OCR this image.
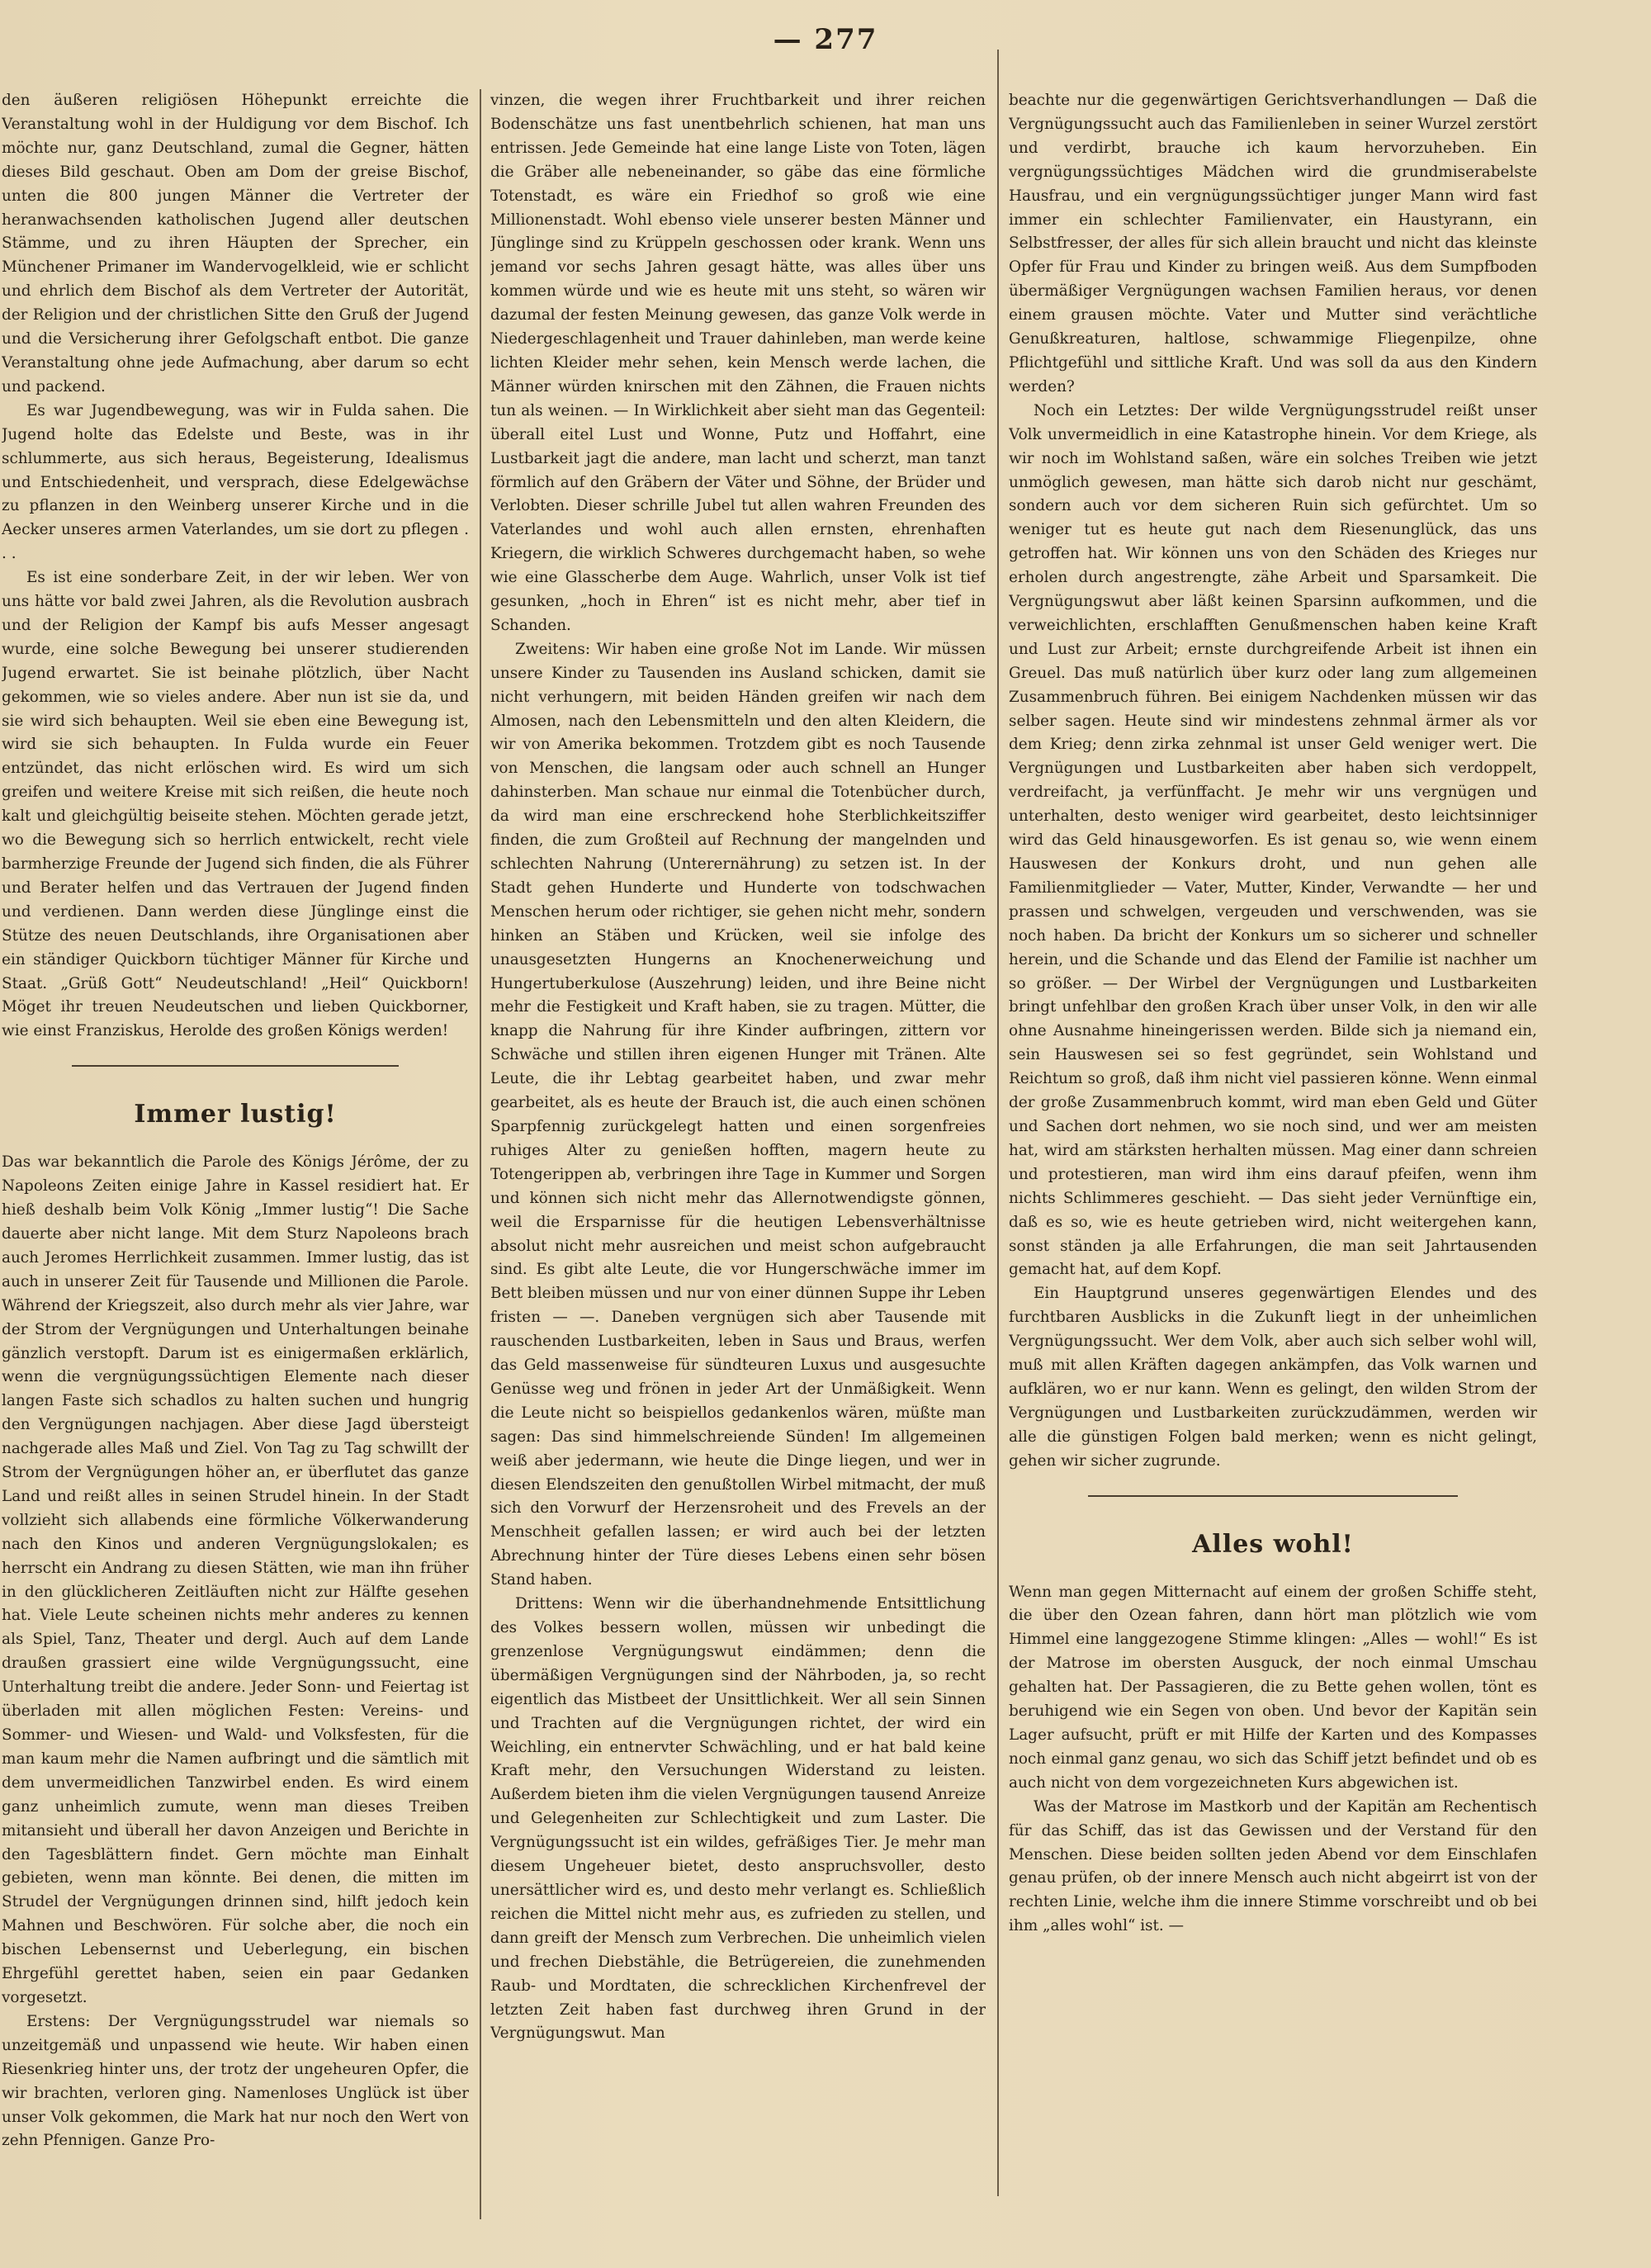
— 277

den äußeren religiösen Höhepunkt erreichte die Veranstaltung wohl in der Huldigung vor dem Bischof. Ich möchte nur, ganz Deutschland, zumal die Gegner, hätten dieses Bild geschaut. Oben am Dom der greise Bischof, unten die 800 jungen Männer die Vertreter der heranwachsenden katholischen Jugend aller deutschen Stämme, und zu ihren Häupten der Sprecher, ein Münchener Primaner im Wandervogelkleid, wie er schlicht und ehrlich dem Bischof als dem Vertreter der Autorität, der Religion und der christlichen Sitte den Gruß der Jugend und die Versicherung ihrer Gefolgschaft entbot. Die ganze Veranstaltung ohne jede Aufmachung, aber darum so echt und packend.

Es war Jugendbewegung, was wir in Fulda sahen. Die Jugend holte das Edelste und Beste, was in ihr schlummerte, aus sich heraus, Begeisterung, Idealismus und Entschiedenheit, und versprach, diese Edelgewächse zu pflanzen in den Weinberg unserer Kirche und in die Aecker unseres armen Vaterlandes, um sie dort zu pflegen . . .

Es ist eine sonderbare Zeit, in der wir leben. Wer von uns hätte vor bald zwei Jahren, als die Revolution ausbrach und der Religion der Kampf bis aufs Messer angesagt wurde, eine solche Bewegung bei unserer studierenden Jugend erwartet. Sie ist beinahe plötzlich, über Nacht gekommen, wie so vieles andere. Aber nun ist sie da, und sie wird sich behaupten. Weil sie eben eine Bewegung ist, wird sie sich behaupten. In Fulda wurde ein Feuer entzündet, das nicht erlöschen wird. Es wird um sich greifen und weitere Kreise mit sich reißen, die heute noch kalt und gleichgültig beiseite stehen. Möchten gerade jetzt, wo die Bewegung sich so herrlich entwickelt, recht viele barmherzige Freunde der Jugend sich finden, die als Führer und Berater helfen und das Vertrauen der Jugend finden und verdienen. Dann werden diese Jünglinge einst die Stütze des neuen Deutschlands, ihre Organisationen aber ein ständiger Quickborn tüchtiger Männer für Kirche und Staat. „Grüß Gott“ Neudeutschland! „Heil“ Quickborn! Möget ihr treuen Neudeutschen und lieben Quickborner, wie einst Franziskus, Herolde des großen Königs werden!

Immer lustig!

Das war bekanntlich die Parole des Königs Jérôme, der zu Napoleons Zeiten einige Jahre in Kassel residiert hat. Er hieß deshalb beim Volk König „Immer lustig“! Die Sache dauerte aber nicht lange. Mit dem Sturz Napoleons brach auch Jeromes Herrlichkeit zusammen. Immer lustig, das ist auch in unserer Zeit für Tausende und Millionen die Parole. Während der Kriegszeit, also durch mehr als vier Jahre, war der Strom der Vergnügungen und Unterhaltungen beinahe gänzlich verstopft. Darum ist es einigermaßen erklärlich, wenn die vergnügungssüchtigen Elemente nach dieser langen Faste sich schadlos zu halten suchen und hungrig den Vergnügungen nachjagen. Aber diese Jagd übersteigt nachgerade alles Maß und Ziel. Von Tag zu Tag schwillt der Strom der Vergnügungen höher an, er überflutet das ganze Land und reißt alles in seinen Strudel hinein. In der Stadt vollzieht sich allabends eine förmliche Völkerwanderung nach den Kinos und anderen Vergnügungslokalen; es herrscht ein Andrang zu diesen Stätten, wie man ihn früher in den glücklicheren Zeitläuften nicht zur Hälfte gesehen hat. Viele Leute scheinen nichts mehr anderes zu kennen als Spiel, Tanz, Theater und dergl. Auch auf dem Lande draußen grassiert eine wilde Vergnügungssucht, eine Unterhaltung treibt die andere. Jeder Sonn- und Feiertag ist überladen mit allen möglichen Festen: Vereins- und Sommer- und Wiesen- und Wald- und Volksfesten, für die man kaum mehr die Namen aufbringt und die sämtlich mit dem unvermeidlichen Tanzwirbel enden. Es wird einem ganz unheimlich zumute, wenn man dieses Treiben mitansieht und überall her davon Anzeigen und Berichte in den Tagesblättern findet. Gern möchte man Einhalt gebieten, wenn man könnte. Bei denen, die mitten im Strudel der Vergnügungen drinnen sind, hilft jedoch kein Mahnen und Beschwören. Für solche aber, die noch ein bischen Lebensernst und Ueberlegung, ein bischen Ehrgefühl gerettet haben, seien ein paar Gedanken vorgesetzt.

Erstens: Der Vergnügungsstrudel war niemals so unzeitgemäß und unpassend wie heute. Wir haben einen Riesenkrieg hinter uns, der trotz der ungeheuren Opfer, die wir brachten, verloren ging. Namenloses Unglück ist über unser Volk gekommen, die Mark hat nur noch den Wert von zehn Pfennigen. Ganze Pro-

vinzen, die wegen ihrer Fruchtbarkeit und ihrer reichen Bodenschätze uns fast unentbehrlich schienen, hat man uns entrissen. Jede Gemeinde hat eine lange Liste von Toten, lägen die Gräber alle nebeneinander, so gäbe das eine förmliche Totenstadt, es wäre ein Friedhof so groß wie eine Millionenstadt. Wohl ebenso viele unserer besten Männer und Jünglinge sind zu Krüppeln geschossen oder krank. Wenn uns jemand vor sechs Jahren gesagt hätte, was alles über uns kommen würde und wie es heute mit uns steht, so wären wir dazumal der festen Meinung gewesen, das ganze Volk werde in Niedergeschlagenheit und Trauer dahinleben, man werde keine lichten Kleider mehr sehen, kein Mensch werde lachen, die Männer würden knirschen mit den Zähnen, die Frauen nichts tun als weinen. — In Wirklichkeit aber sieht man das Gegenteil: überall eitel Lust und Wonne, Putz und Hoffahrt, eine Lustbarkeit jagt die andere, man lacht und scherzt, man tanzt förmlich auf den Gräbern der Väter und Söhne, der Brüder und Verlobten. Dieser schrille Jubel tut allen wahren Freunden des Vaterlandes und wohl auch allen ernsten, ehrenhaften Kriegern, die wirklich Schweres durchgemacht haben, so wehe wie eine Glasscherbe dem Auge. Wahrlich, unser Volk ist tief gesunken, „hoch in Ehren“ ist es nicht mehr, aber tief in Schanden.

Zweitens: Wir haben eine große Not im Lande. Wir müssen unsere Kinder zu Tausenden ins Ausland schicken, damit sie nicht verhungern, mit beiden Händen greifen wir nach dem Almosen, nach den Lebensmitteln und den alten Kleidern, die wir von Amerika bekommen. Trotzdem gibt es noch Tausende von Menschen, die langsam oder auch schnell an Hunger dahinsterben. Man schaue nur einmal die Totenbücher durch, da wird man eine erschreckend hohe Sterblichkeitsziffer finden, die zum Großteil auf Rechnung der mangelnden und schlechten Nahrung (Unterernährung) zu setzen ist. In der Stadt gehen Hunderte und Hunderte von todschwachen Menschen herum oder richtiger, sie gehen nicht mehr, sondern hinken an Stäben und Krücken, weil sie infolge des unausgesetzten Hungerns an Knochenerweichung und Hungertuberkulose (Auszehrung) leiden, und ihre Beine nicht mehr die Festigkeit und Kraft haben, sie zu tragen. Mütter, die knapp die Nahrung für ihre Kinder aufbringen, zittern vor Schwäche und stillen ihren eigenen Hunger mit Tränen. Alte Leute, die ihr Lebtag gearbeitet haben, und zwar mehr gearbeitet, als es heute der Brauch ist, die auch einen schönen Sparpfennig zurückgelegt hatten und einen sorgenfreies ruhiges Alter zu genießen hofften, magern heute zu Totengerippen ab, verbringen ihre Tage in Kummer und Sorgen und können sich nicht mehr das Allernotwendigste gönnen, weil die Ersparnisse für die heutigen Lebensverhältnisse absolut nicht mehr ausreichen und meist schon aufgebraucht sind. Es gibt alte Leute, die vor Hungerschwäche immer im Bett bleiben müssen und nur von einer dünnen Suppe ihr Leben fristen — —. Daneben vergnügen sich aber Tausende mit rauschenden Lustbarkeiten, leben in Saus und Braus, werfen das Geld massenweise für sündteuren Luxus und ausgesuchte Genüsse weg und frönen in jeder Art der Unmäßigkeit. Wenn die Leute nicht so beispiellos gedankenlos wären, müßte man sagen: Das sind himmelschreiende Sünden! Im allgemeinen weiß aber jedermann, wie heute die Dinge liegen, und wer in diesen Elendszeiten den genußtollen Wirbel mitmacht, der muß sich den Vorwurf der Herzensroheit und des Frevels an der Menschheit gefallen lassen; er wird auch bei der letzten Abrechnung hinter der Türe dieses Lebens einen sehr bösen Stand haben.

Drittens: Wenn wir die überhandnehmende Entsittlichung des Volkes bessern wollen, müssen wir unbedingt die grenzenlose Vergnügungswut eindämmen; denn die übermäßigen Vergnügungen sind der Nährboden, ja, so recht eigentlich das Mistbeet der Unsittlichkeit. Wer all sein Sinnen und Trachten auf die Vergnügungen richtet, der wird ein Weichling, ein entnervter Schwächling, und er hat bald keine Kraft mehr, den Versuchungen Widerstand zu leisten. Außerdem bieten ihm die vielen Vergnügungen tausend Anreize und Gelegenheiten zur Schlechtigkeit und zum Laster. Die Vergnügungssucht ist ein wildes, gefräßiges Tier. Je mehr man diesem Ungeheuer bietet, desto anspruchsvoller, desto unersättlicher wird es, und desto mehr verlangt es. Schließlich reichen die Mittel nicht mehr aus, es zufrieden zu stellen, und dann greift der Mensch zum Verbrechen. Die unheimlich vielen und frechen Diebstähle, die Betrügereien, die zunehmenden Raub- und Mordtaten, die schrecklichen Kirchenfrevel der letzten Zeit haben fast durchweg ihren Grund in der Vergnügungswut. Man

beachte nur die gegenwärtigen Gerichtsverhandlungen — Daß die Vergnügungssucht auch das Familienleben in seiner Wurzel zerstört und verdirbt, brauche ich kaum hervorzuheben. Ein vergnügungssüchtiges Mädchen wird die grundmiserabelste Hausfrau, und ein vergnügungssüchtiger junger Mann wird fast immer ein schlechter Familienvater, ein Haustyrann, ein Selbstfresser, der alles für sich allein braucht und nicht das kleinste Opfer für Frau und Kinder zu bringen weiß. Aus dem Sumpfboden übermäßiger Vergnügungen wachsen Familien heraus, vor denen einem grausen möchte. Vater und Mutter sind verächtliche Genußkreaturen, haltlose, schwammige Fliegenpilze, ohne Pflichtgefühl und sittliche Kraft. Und was soll da aus den Kindern werden?

Noch ein Letztes: Der wilde Vergnügungsstrudel reißt unser Volk unvermeidlich in eine Katastrophe hinein. Vor dem Kriege, als wir noch im Wohlstand saßen, wäre ein solches Treiben wie jetzt unmöglich gewesen, man hätte sich darob nicht nur geschämt, sondern auch vor dem sicheren Ruin sich gefürchtet. Um so weniger tut es heute gut nach dem Riesenunglück, das uns getroffen hat. Wir können uns von den Schäden des Krieges nur erholen durch angestrengte, zähe Arbeit und Sparsamkeit. Die Vergnügungswut aber läßt keinen Sparsinn aufkommen, und die verweichlichten, erschlafften Genußmenschen haben keine Kraft und Lust zur Arbeit; ernste durchgreifende Arbeit ist ihnen ein Greuel. Das muß natürlich über kurz oder lang zum allgemeinen Zusammenbruch führen. Bei einigem Nachdenken müssen wir das selber sagen. Heute sind wir mindestens zehnmal ärmer als vor dem Krieg; denn zirka zehnmal ist unser Geld weniger wert. Die Vergnügungen und Lustbarkeiten aber haben sich verdoppelt, verdreifacht, ja verfünffacht. Je mehr wir uns vergnügen und unterhalten, desto weniger wird gearbeitet, desto leichtsinniger wird das Geld hinausgeworfen. Es ist genau so, wie wenn einem Hauswesen der Konkurs droht, und nun gehen alle Familienmitglieder — Vater, Mutter, Kinder, Verwandte — her und prassen und schwelgen, vergeuden und verschwenden, was sie noch haben. Da bricht der Konkurs um so sicherer und schneller herein, und die Schande und das Elend der Familie ist nachher um so größer. — Der Wirbel der Vergnügungen und Lustbarkeiten bringt unfehlbar den großen Krach über unser Volk, in den wir alle ohne Ausnahme hineingerissen werden. Bilde sich ja niemand ein, sein Hauswesen sei so fest gegründet, sein Wohlstand und Reichtum so groß, daß ihm nicht viel passieren könne. Wenn einmal der große Zusammenbruch kommt, wird man eben Geld und Güter und Sachen dort nehmen, wo sie noch sind, und wer am meisten hat, wird am stärksten herhalten müssen. Mag einer dann schreien und protestieren, man wird ihm eins darauf pfeifen, wenn ihm nichts Schlimmeres geschieht. — Das sieht jeder Vernünftige ein, daß es so, wie es heute getrieben wird, nicht weitergehen kann, sonst ständen ja alle Erfahrungen, die man seit Jahrtausenden gemacht hat, auf dem Kopf.

Ein Hauptgrund unseres gegenwärtigen Elendes und des furchtbaren Ausblicks in die Zukunft liegt in der unheimlichen Vergnügungssucht. Wer dem Volk, aber auch sich selber wohl will, muß mit allen Kräften dagegen ankämpfen, das Volk warnen und aufklären, wo er nur kann. Wenn es gelingt, den wilden Strom der Vergnügungen und Lustbarkeiten zurückzudämmen, werden wir alle die günstigen Folgen bald merken; wenn es nicht gelingt, gehen wir sicher zugrunde.

Alles wohl!

Wenn man gegen Mitternacht auf einem der großen Schiffe steht, die über den Ozean fahren, dann hört man plötzlich wie vom Himmel eine langgezogene Stimme klingen: „Alles — wohl!“ Es ist der Matrose im obersten Ausguck, der noch einmal Umschau gehalten hat. Der Passagieren, die zu Bette gehen wollen, tönt es beruhigend wie ein Segen von oben. Und bevor der Kapitän sein Lager aufsucht, prüft er mit Hilfe der Karten und des Kompasses noch einmal ganz genau, wo sich das Schiff jetzt befindet und ob es auch nicht von dem vorgezeichneten Kurs abgewichen ist.

Was der Matrose im Mastkorb und der Kapitän am Rechentisch für das Schiff, das ist das Gewissen und der Verstand für den Menschen. Diese beiden sollten jeden Abend vor dem Einschlafen genau prüfen, ob der innere Mensch auch nicht abgeirrt ist von der rechten Linie, welche ihm die innere Stimme vorschreibt und ob bei ihm „alles wohl“ ist. —
